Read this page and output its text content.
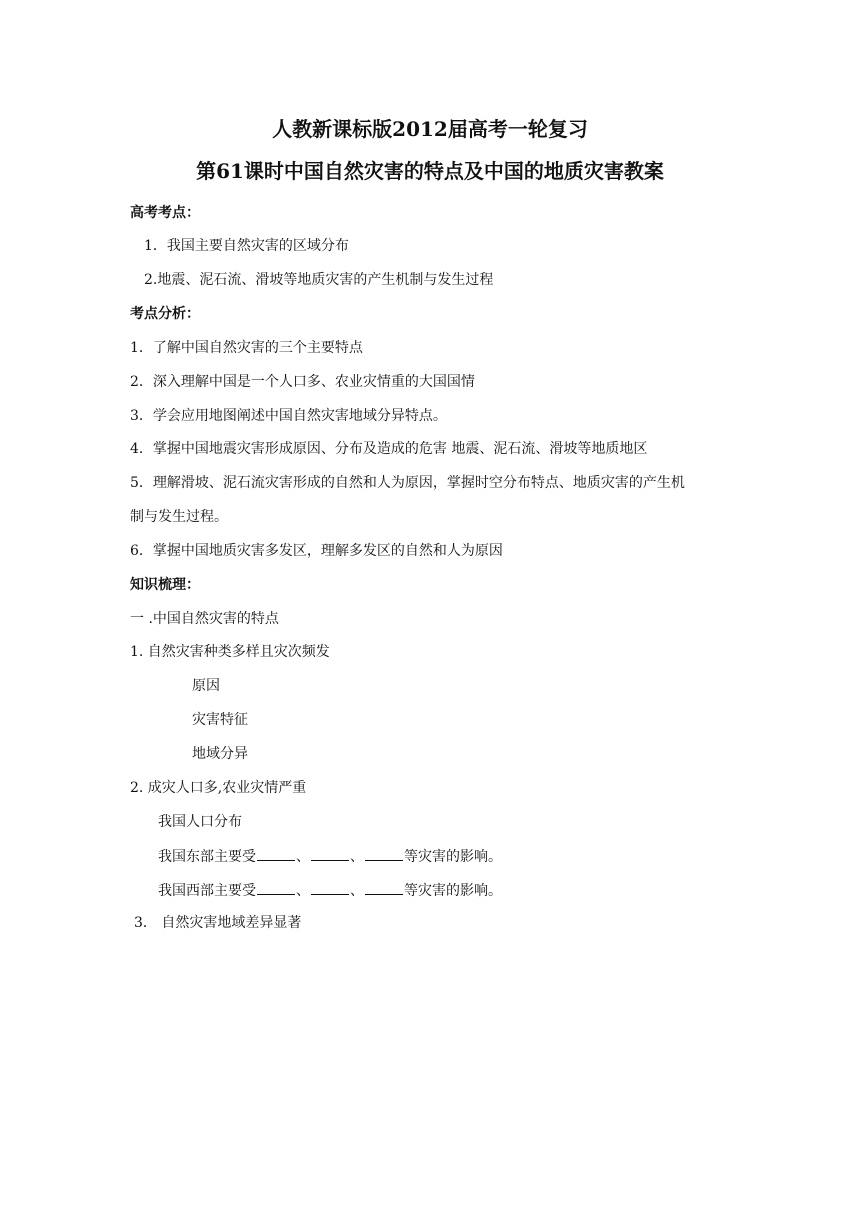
人教新课标版2012届高考一轮复习
第61课时中国自然灾害的特点及中国的地质灾害教案
高考考点：
1．我国主要自然灾害的区域分布
2.地震、泥石流、滑坡等地质灾害的产生机制与发生过程
考点分析：
1．了解中国自然灾害的三个主要特点
2．深入理解中国是一个人口多、农业灾情重的大国国情
3．学会应用地图阐述中国自然灾害地域分异特点。
4．掌握中国地震灾害形成原因、分布及造成的危害 地震、泥石流、滑坡等地质地区
5．理解滑坡、泥石流灾害形成的自然和人为原因，掌握时空分布特点、地质灾害的产生机
制与发生过程。
6．掌握中国地质灾害多发区，理解多发区的自然和人为原因
知识梳理：
一 .中国自然灾害的特点
1. 自然灾害种类多样且灾次频发
原因
灾害特征
地域分异
2. 成灾人口多,农业灾情严重
我国人口分布
我国东部主要受	、	、	等灾害的影响。
我国西部主要受	、	、	等灾害的影响。
3． 自然灾害地域差异显著
